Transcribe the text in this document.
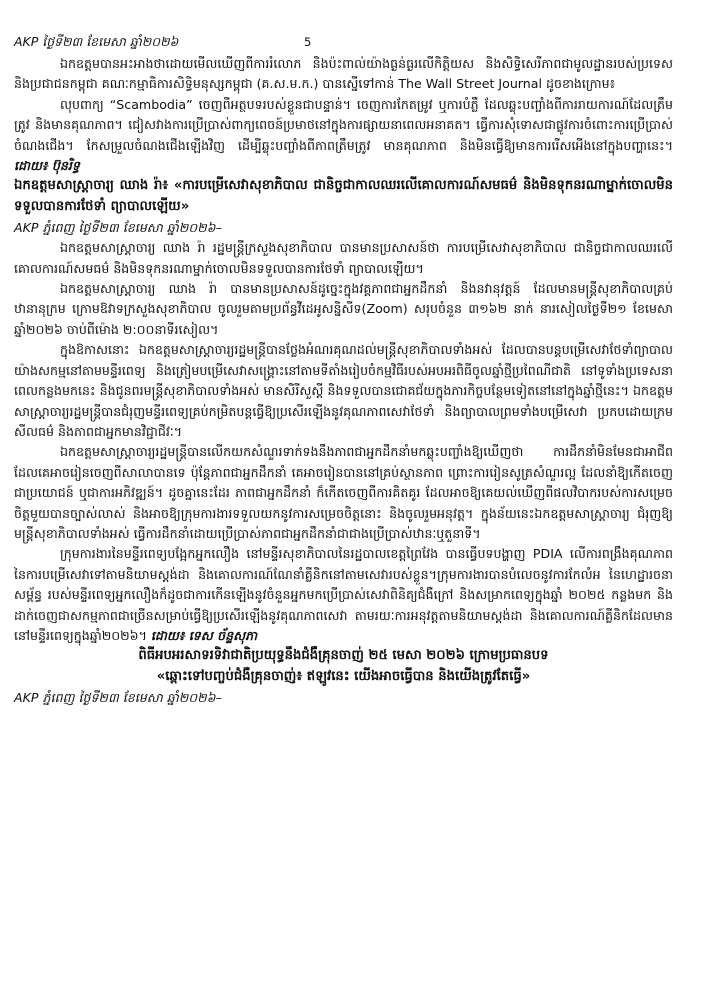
AKP ថ្ងៃទី២៣ ខែមេសា ឆ្នាំ២០២៦	5

ឯកឧត្តមបានអះអាងថាដោយមើលឃើញពីការរំលោភ និងប៉ះពាល់យ៉ាងធ្ងន់ធ្ងរលើកិត្តិយស និងសិទ្ធិសេរីភាពជាមូលដ្ឋានរបស់ប្រទេសនិងប្រជាជនកម្ពុជា គណៈកម្មាធិការសិទ្ធិមនុស្សកម្ពុជា (គ.ស.ម.ក.) បានស្នើទៅកាន់ The Wall Street Journal ដូចខាងក្រោម៖

លុបពាក្យ “Scambodia” ចេញពីអត្ថបទរបស់ខ្លួនជាបន្ទាន់។ ចេញការកែតម្រូវ ឬការបំភ្លឺ ដែលឆ្លុះបញ្ចាំងពីការរាយការណ៍ដែលត្រឹមត្រូវ និងមានគុណភាព។ ជៀសវាងការប្រើប្រាស់ពាក្យពេចន៍ប្រមាថនៅក្នុងការផ្សាយនាពេលអនាគត។ ធ្វើការសុំទោសជាផ្លូវការចំពោះការប្រើប្រាស់ចំណងជើង។ កែសម្រួលចំណងជើងឡើងវិញ ដើម្បីឆ្លុះបញ្ចាំងពីភាពត្រឹមត្រូវ មានគុណភាព និងមិនធ្វើឱ្យមានការរើសអើងនៅក្នុងបញ្ហានេះ។ ដោយ៖ ប៊ុនរិទ្ធ

ឯកឧត្តមសាស្ត្រាចារ្យ ឈាង រ៉ា៖ «ការបម្រើសេវាសុខាភិបាល ជានិច្ចជាកាលឈរលើគោលការណ៍សមធម៌ និងមិនទុកនរណាម្នាក់ចោលមិនទទួលបានការថែទាំ ព្យាបាលឡើយ»

AKP ភ្នំពេញ ថ្ងៃទី២៣ ខែមេសា ឆ្នាំ២០២៦–

ឯកឧត្តមសាស្ត្រាចារ្យ ឈាង រ៉ា រដ្ឋមន្ត្រីក្រសួងសុខាភិបាល បានមានប្រសាសន៍ថា ការបម្រើសេវាសុខាភិបាល ជានិច្ចជាកាលឈរលើគោលការណ៍សមធម៌ និងមិនទុកនរណាម្នាក់ចោលមិនទទួលបានការថែទាំ ព្យាបាលឡើយ។

ឯកឧត្តមសាស្ត្រាចារ្យ ឈាង រ៉ា បានមានប្រសាសន៍ដូច្នេះក្នុងវគ្គភាពជាអ្នកដឹកនាំ និងនវានុវត្តន៍ ដែលមានមន្ត្រីសុខាភិបាលគ្រប់ឋានានុក្រម ក្រោមឱវាទក្រសួងសុខាភិបាល ចូលរួមតាមប្រព័ន្ធវីដេអូសន្និសីទ(Zoom) សរុបចំនួន ៣១៦២ នាក់ នារសៀលថ្ងៃទី២១ ខែមេសា ឆ្នាំ២០២៦ ចាប់ពីម៉ោង ២:០០នាទីរសៀល។

ក្នុងឱកាសនោះ ឯកឧត្តមសាស្ត្រាចារ្យរដ្ឋមន្ត្រីបានថ្លែងអំណរគុណដល់មន្ត្រីសុខាភិបាលទាំងអស់ ដែលបានបន្តបម្រើសេវាថែទាំព្យាបាល យ៉ាងសកម្មនៅតាមមន្ទីរពេទ្យ និងត្រៀមបម្រើសេវាសង្គ្រោះនៅតាមទីតាំងរៀបចំកម្មវិធីរបស់អបអរពិធីចូលឆ្នាំថ្មីប្រពៃណីជាតិ នៅទូទាំងប្រទេសនាពេលកន្លងមកនេះ និងជូនពរមន្ត្រីសុខាភិបាលទាំងអស់ មានសិរីសួស្តី និងទទួលបានជោគជ័យក្នុងភារកិច្ចបន្ថែមទៀតនៅនៅក្នុងឆ្នាំថ្មីនេះ។ ឯកឧត្តមសាស្ត្រាចារ្យរដ្ឋមន្ត្រីបានជំរុញមន្ទីរពេទ្យគ្រប់កម្រិតបន្តធ្វើឱ្យប្រសើរឡើងនូវគុណភាពសេវាថែទាំ និងព្យាបាលព្រមទាំងបម្រើសេវា ប្រកបដោយក្រមសីលធម៌ និងភាពជាអ្នកមានវិជ្ជាជីវៈ។

ឯកឧត្តមសាស្ត្រាចារ្យរដ្ឋមន្ត្រីបានលើកយកសំណួរទាក់ទងនឹងភាពជាអ្នកដឹកនាំមកឆ្លុះបញ្ចាំងឱ្យឃើញថា ការដឹកនាំមិនមែនជាអាជីព ដែលគេអាចរៀនចេញពីសាលាបានទេ ប៉ុន្តែភាពជាអ្នកដឹកនាំ គេអាចរៀនបាននៅគ្រប់ស្ថានភាព ព្រោះការរៀនសូត្រសំណួរល្អ ដែលនាំឱ្យកើតចេញជាប្រយោជន៍ ឬជាការអភិវឌ្ឍន៍។ ដូចគ្នានេះដែរ ភាពជាអ្នកដឹកនាំ ក៏កើតចេញពីការគិតគូរ ដែលអាចឱ្យគេយល់ឃើញពីផលវិបាករបស់ការសម្រេចចិត្តមួយបានច្បាស់លាស់ និងអាចឱ្យក្រុមការងារទទួលយកនូវការសម្រេចចិត្តនោះ និងចូលរួមអនុវត្ត។ ក្នុងន័យនេះឯកឧត្តមសាស្ត្រាចារ្យ ជំរុញឱ្យមន្ត្រីសុខាភិបាលទាំងអស់ ធ្វើការដឹកនាំដោយប្រើប្រាស់ភាពជាអ្នកដឹកនាំជាជាងប្រើប្រាស់ឋានៈឬតួនាទី។

ក្រុមការងារនៃមន្ទីរពេទ្យបង្អែកអ្នកលឿង នៅមន្ទីរសុខាភិបាលនៃរដ្ឋបាលខេត្តព្រៃវែង បានធ្វើបទបង្ហាញ PDIA លើការពង្រឹងគុណភាព នៃការបម្រើសេវាទៅតាមនិយាមស្តង់ដា និងគោលការណ៍ណែនាំគ្លីនិកនៅតាមសេវារបស់ខ្លួន។ក្រុមការងារបានបំលេចនូវការកែលំអ នៃហេដ្ឋារចនាសម្ព័ន្ធ របស់មន្ទីរពេទ្យអ្នកលឿងក៏ដូចជាការកើនឡើងនូវចំនួនអ្នកមកប្រើប្រាស់សេវាពិនិត្យជំងឺក្រៅ និងសម្រាកពេទ្យក្នុងឆ្នាំ ២០២៥ កន្លងមក និងដាក់ចេញជាសកម្មភាពជាច្រើនសម្រាប់ធ្វើឱ្យប្រសើរឡើងនូវគុណភាពសេវា តាមរយៈការអនុវត្តតាមនិយាមស្តង់ដា និងគោលការណ៍គ្លីនិកដែលមាននៅមន្ទីរពេទ្យក្នុងឆ្នាំ២០២៦។ ដោយ៖ ទេស ច័ន្ទសុភា

ពិធីអបអរសាទរទិវាជាតិប្រយុទ្ធនឹងជំងឺគ្រុនចាញ់ ២៥ មេសា ២០២៦ ក្រោមប្រធានបទ

«ឆ្ពោះទៅបញ្ចប់ជំងឺគ្រុនចាញ់៖ ឥឡូវនេះ យើងអាចធ្វើបាន និងយើងត្រូវតែធ្វើ»

AKP ភ្នំពេញ ថ្ងៃទី២៣ ខែមេសា ឆ្នាំ២០២៦–
